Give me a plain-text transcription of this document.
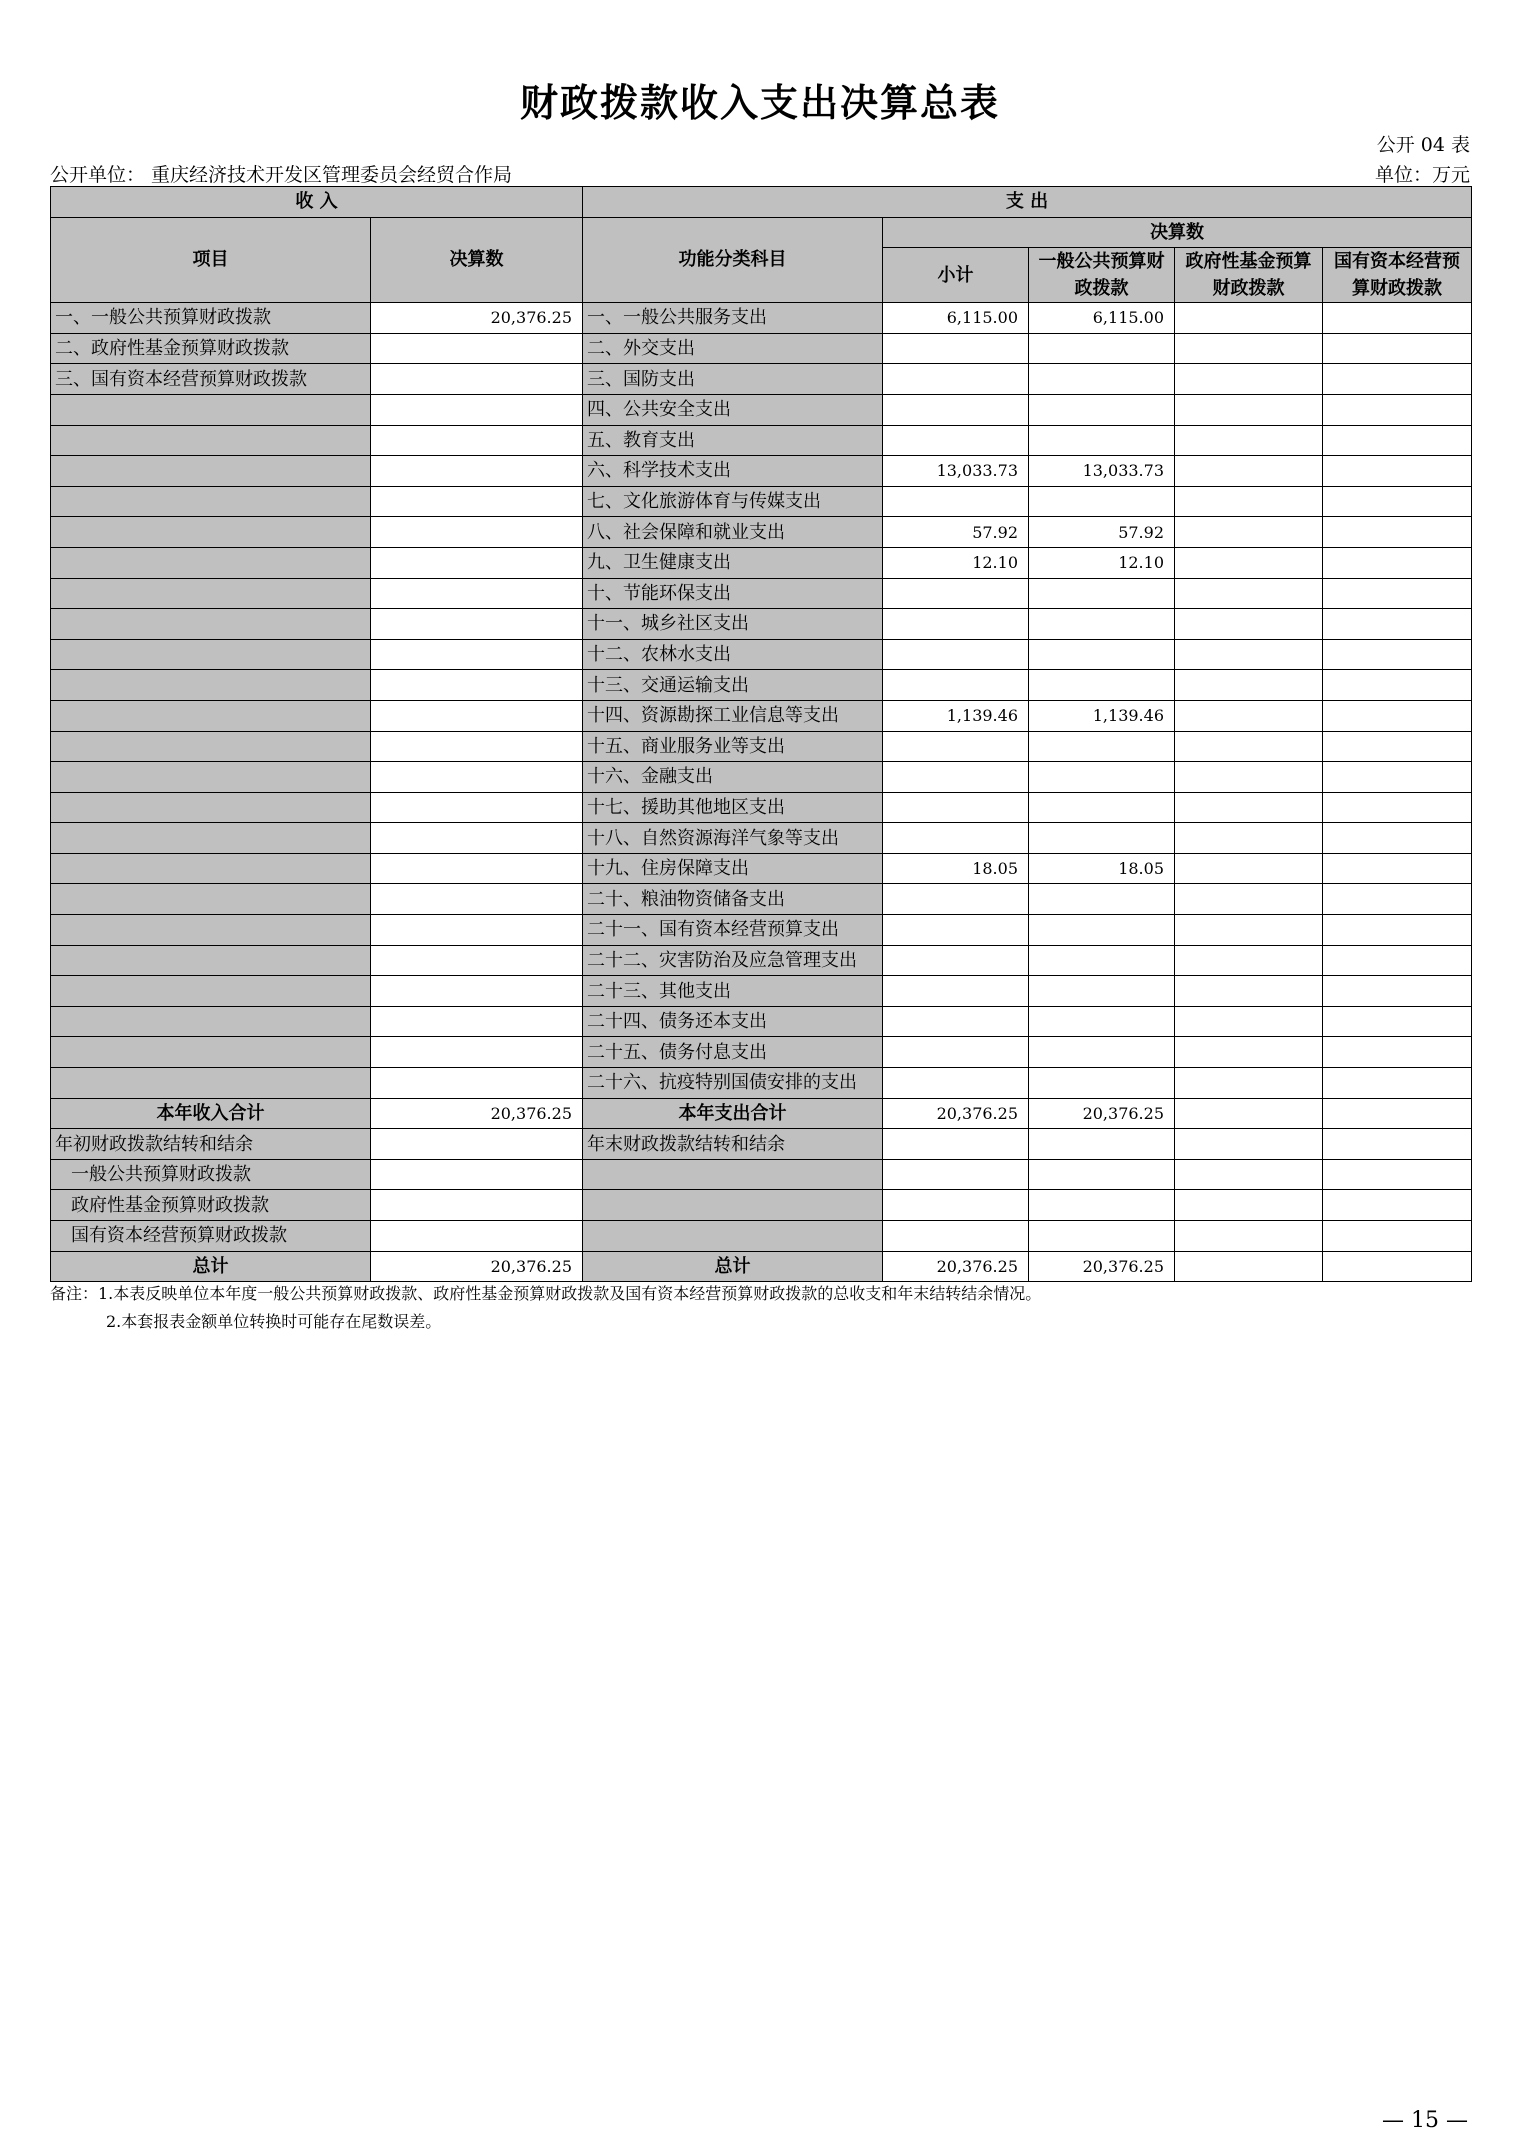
财政拨款收入支出决算总表
公开 04 表
公开单位： 重庆经济技术开发区管理委员会经贸合作局	单位：万元
收 入		支 出				
项目	决算数	功能分类科目	决算数			
			小计	一般公共预算财政拨款	政府性基金预算财政拨款	国有资本经营预算财政拨款

一、一般公共预算财政拨款	20,376.25	一、一般公共服务支出	6,115.00	6,115.00		
二、政府性基金预算财政拨款		二、外交支出				
三、国有资本经营预算财政拨款		三、国防支出				
		四、公共安全支出				
		五、教育支出				
		六、科学技术支出	13,033.73	13,033.73		
		七、文化旅游体育与传媒支出				
		八、社会保障和就业支出	57.92	57.92		
		九、卫生健康支出	12.10	12.10		
		十、节能环保支出				
		十一、城乡社区支出				
		十二、农林水支出				
		十三、交通运输支出				
		十四、资源勘探工业信息等支出	1,139.46	1,139.46		
		十五、商业服务业等支出				
		十六、金融支出				
		十七、援助其他地区支出				
		十八、自然资源海洋气象等支出				
		十九、住房保障支出	18.05	18.05		
		二十、粮油物资储备支出				
		二十一、国有资本经营预算支出				
		二十二、灾害防治及应急管理支出				
		二十三、其他支出				
		二十四、债务还本支出				
		二十五、债务付息支出				
		二十六、抗疫特别国债安排的支出				
本年收入合计	20,376.25	本年支出合计	20,376.25	20,376.25		
年初财政拨款结转和结余		年末财政拨款结转和结余				
一般公共预算财政拨款						
政府性基金预算财政拨款						
国有资本经营预算财政拨款						
总计	20,376.25	总计	20,376.25	20,376.25		
备注：1.本表反映单位本年度一般公共预算财政拨款、政府性基金预算财政拨款及国有资本经营预算财政拨款的总收支和年末结转结余情况。
2.本套报表金额单位转换时可能存在尾数误差。
— 15 —
